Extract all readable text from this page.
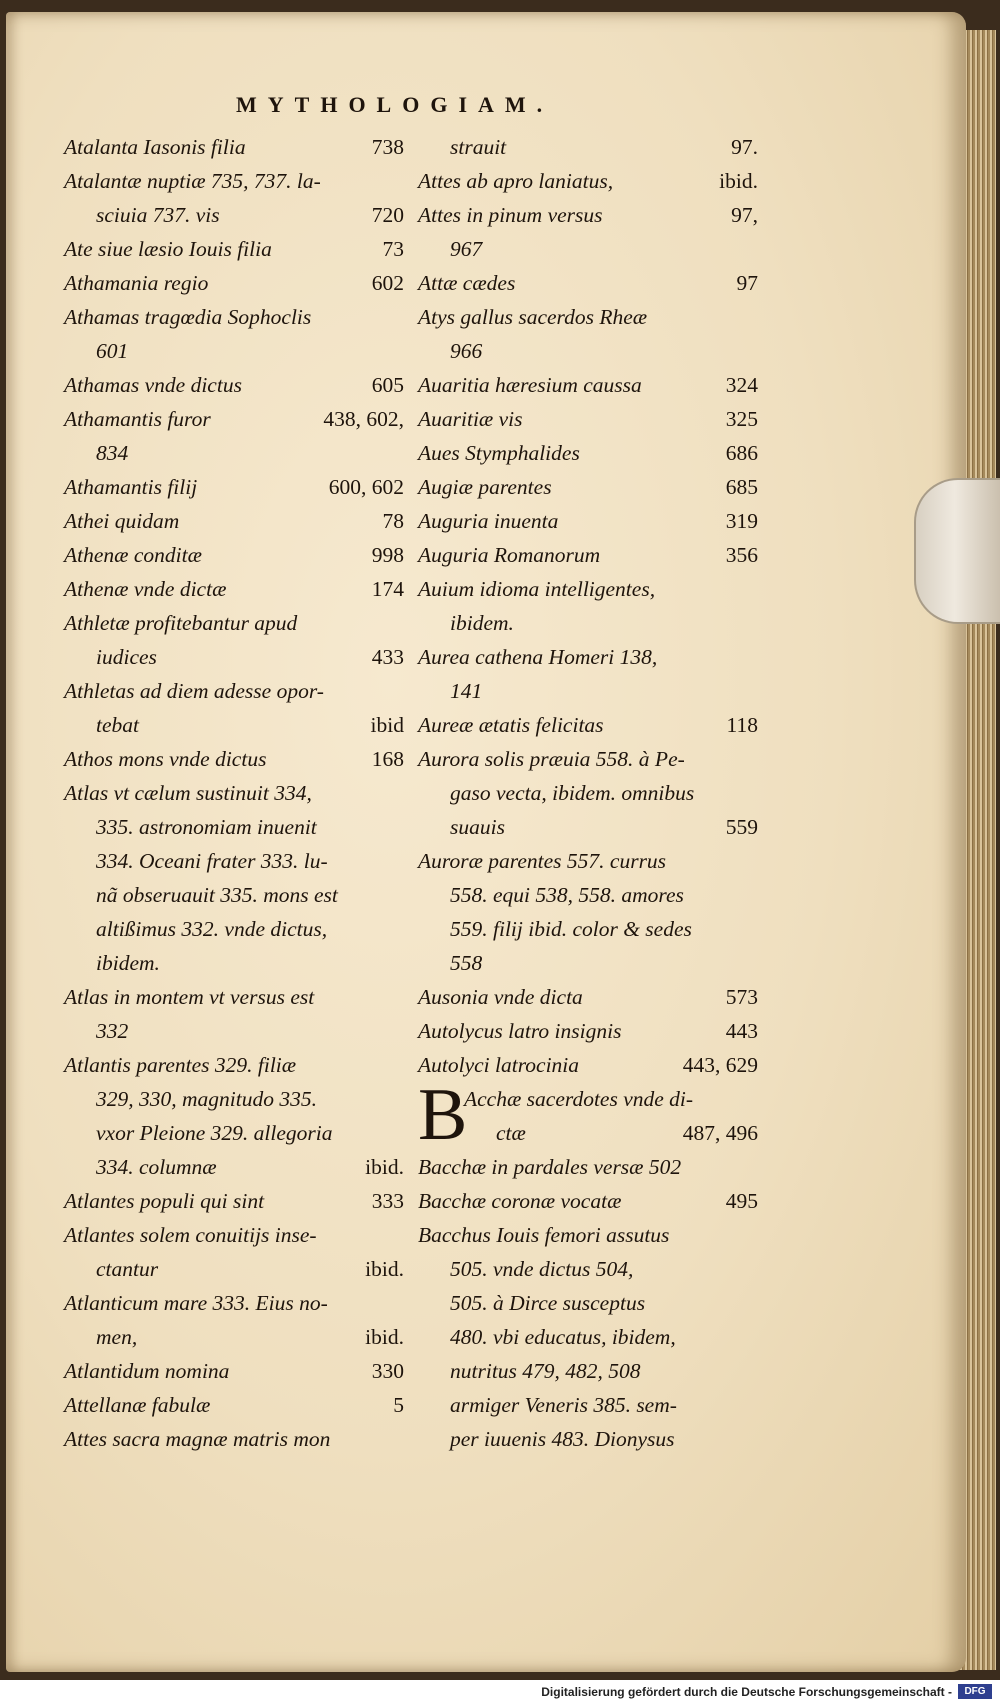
MYTHOLOGIAM.
Atalanta Iasonis filia	738
Atalantæ nuptiæ 735, 737. la-
sciuia 737. vis	720
Ate siue læsio Iouis filia	73
Athamania regio	602
Athamas tragœdia Sophoclis
601
Athamas vnde dictus	605
Athamantis furor	438, 602,
834
Athamantis filij	600, 602
Athei quidam	78
Athenæ conditæ	998
Athenæ vnde dictæ	174
Athletæ profitebantur apud
iudices	433
Athletas ad diem adesse opor-
tebat	ibid
Athos mons vnde dictus	168
Atlas vt cælum sustinuit 334,
335. astronomiam inuenit
334. Oceani frater 333. lu-
nã obseruauit 335. mons est
altißimus 332. vnde dictus,
ibidem.
Atlas in montem vt versus est
332
Atlantis parentes 329. filiæ
329, 330, magnitudo 335.
vxor Pleione 329. allegoria
334. columnæ	ibid.
Atlantes populi qui sint	333
Atlantes solem conuitijs inse-
ctantur	ibid.
Atlanticum mare 333. Eius no-
men,	ibid.
Atlantidum nomina	330
Attellanæ fabulæ	5
Attes sacra magnæ matris mon
strauit	97.
Attes ab apro laniatus,	ibid.
Attes in pinum versus	97,
967
Attæ cædes	97
Atys gallus sacerdos Rheæ
966
Auaritia hæresium caussa	324
Auaritiæ vis	325
Aues Stymphalides	686
Augiæ parentes	685
Auguria inuenta	319
Auguria Romanorum	356
Auium idioma intelligentes,
ibidem.
Aurea cathena Homeri 138,
141
Aureæ ætatis felicitas	118
Aurora solis præuia 558. à Pe-
gaso vecta, ibidem. omnibus
suauis	559
Auroræ parentes 557. currus
558. equi 538, 558. amores
559. filij ibid. color & sedes
558
Ausonia vnde dicta	573
Autolycus latro insignis	443
Autolyci latrocinia	443, 629
B
Acchæ sacerdotes vnde di-
ctæ	487, 496
Bacchæ in pardales versæ 502
Bacchæ coronæ vocatæ	495
Bacchus Iouis femori assutus
505. vnde dictus 504,
505. à Dirce susceptus
480. vbi educatus, ibidem,
nutritus 479, 482, 508
armiger Veneris 385. sem-
per iuuenis 483. Dionysus
Digitalisierung gefördert durch die Deutsche Forschungsgemeinschaft -	DFG
